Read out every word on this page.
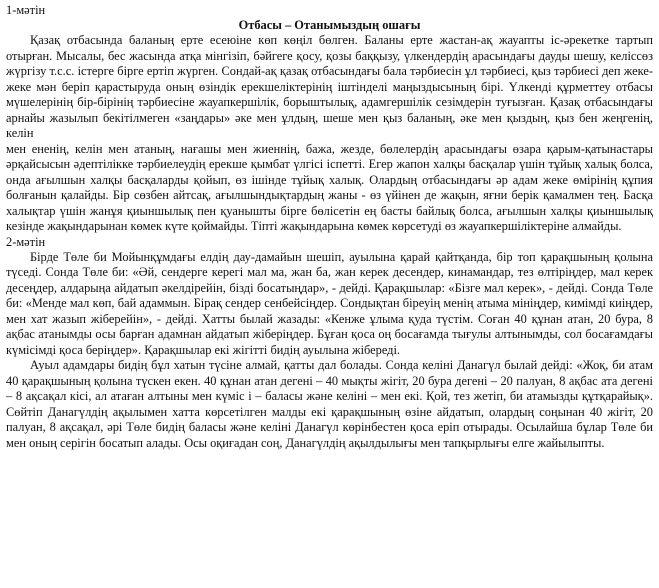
1-мәтін

Отбасы – Отанымыздың ошағы

Қазақ отбасында баланың ерте есеюіне көп көңіл бөлген. Баланы ерте жастан-ақ жауапты іс-әрекетке тартып отырған. Мысалы, бес жасында атқа мінгізіп, бәйгеге қосу, қозы баққызу, үлкендердің арасындағы дауды шешу, келіссөз жүргізу т.с.с. істерге бірге ертіп жүрген. Сондай-ақ қазақ отбасындағы бала тәрбиесін ұл тәрбиесі, қыз тәрбиесі деп жеке-жеке мән беріп қарастыруда оның өзіндік ерекшеліктерінің іштінделі маңыздысының бірі. Үлкенді құрметтеу отбасы мүшелерінің бір-бірінің тәрбиесіне жауапкершілік, борыштылық, адамгершілік сезімдерін туғызған. Қазақ отбасындағы арнайы жазылып бекітілмеген «заңдары» әке мен ұлдың, шеше мен қыз баланың, әке мен қыздың, қыз бен жеңгенің, келін

мен ененің, келін мен атаның, нағашы мен жиеннің, бажа, жезде, бөлелердің арасындағы өзара қарым-қатынастары әрқайсысын әдептілікке тәрбиелеудің ерекше қымбат үлгісі іспетті. Егер жапон халқы басқалар үшін тұйық халық болса, онда ағылшын халқы басқаларды қойып, өз ішінде тұйық халық. Олардың отбасындағы әр адам жеке өмірінің құпия болғанын қалайды. Бір сөзбен айтсақ, ағылшындықтардың жаны - өз үйінен де жақын, яғни берік қамалмен тең. Басқа халықтар үшін жанұя қиыншылық пен қуанышты бірге бөлісетін ең басты байлық болса, ағылшын халқы қиыншылық кезінде жақындарынан көмек күте қоймайды. Тіпті жақындарына көмек көрсетуді өз жауапкершіліктеріне алмайды.

2-мәтін

Бірде Төле би Мойынқұмдағы елдің дау-дамайын шешіп, ауылына қарай қайтқанда, бір топ қарақшының қолына түседі. Сонда Төле би: «Әй, сендерге керегі мал ма, жан ба, жан керек десендер, кинамандар, тез өлтіріңдер, мал керек десеңдер, алдарыңа айдатып әкелдірейін, бізді босатыңдар», - дейді. Қарақшылар: «Бізге мал керек», - дейді. Сонда Төле би: «Менде мал көп, бай адаммын. Бірақ сендер сенбейсіңдер. Сондықтан біреуің менің атыма мініңдер, кимімді киіңдер, мен хат жазып жіберейін», - дейді. Хатты былай жазады: «Кенже ұлыма қуда түстім. Соған 40 құнан атан, 20 бура, 8 ақбас атанымды осы барған адамнан айдатып жіберіңдер. Бұған қоса оң босағамда тығулы алтынымды, сол босағамдағы күмісімді қоса беріңдер». Қарақшылар екі жігітті бидің ауылына жібереді.

Ауыл адамдары бидің бұл хатын түсіне алмай, қатты дал болады. Сонда келіні Данагүл былай дейді: «Жоқ, би атам 40 қарақшының қолына түскен екен. 40 құнан атан дегені – 40 мықты жігіт, 20 бура дегені – 20 палуан, 8 ақбас ата дегені – 8 ақсақал кісі, ал атаған алтыны мен күміс і – баласы және келіні – мен екі. Қой, тез жетіп, би атамызды құтқарайық». Сөйтіп Данагүлдің ақылымен хатта көрсетілген малды екі қарақшының өзіне айдатып, олардың соңынан 40 жігіт, 20 палуан, 8 ақсақал, әрі Төле бидің баласы және келіні Данагүл көрінбестен қоса еріп отырады. Осылайша бұлар Төле би мен оның серігін босатып алады. Осы оқиғадан соң, Данагүлдің ақылдылығы мен тапқырлығы елге жайылыпты.
